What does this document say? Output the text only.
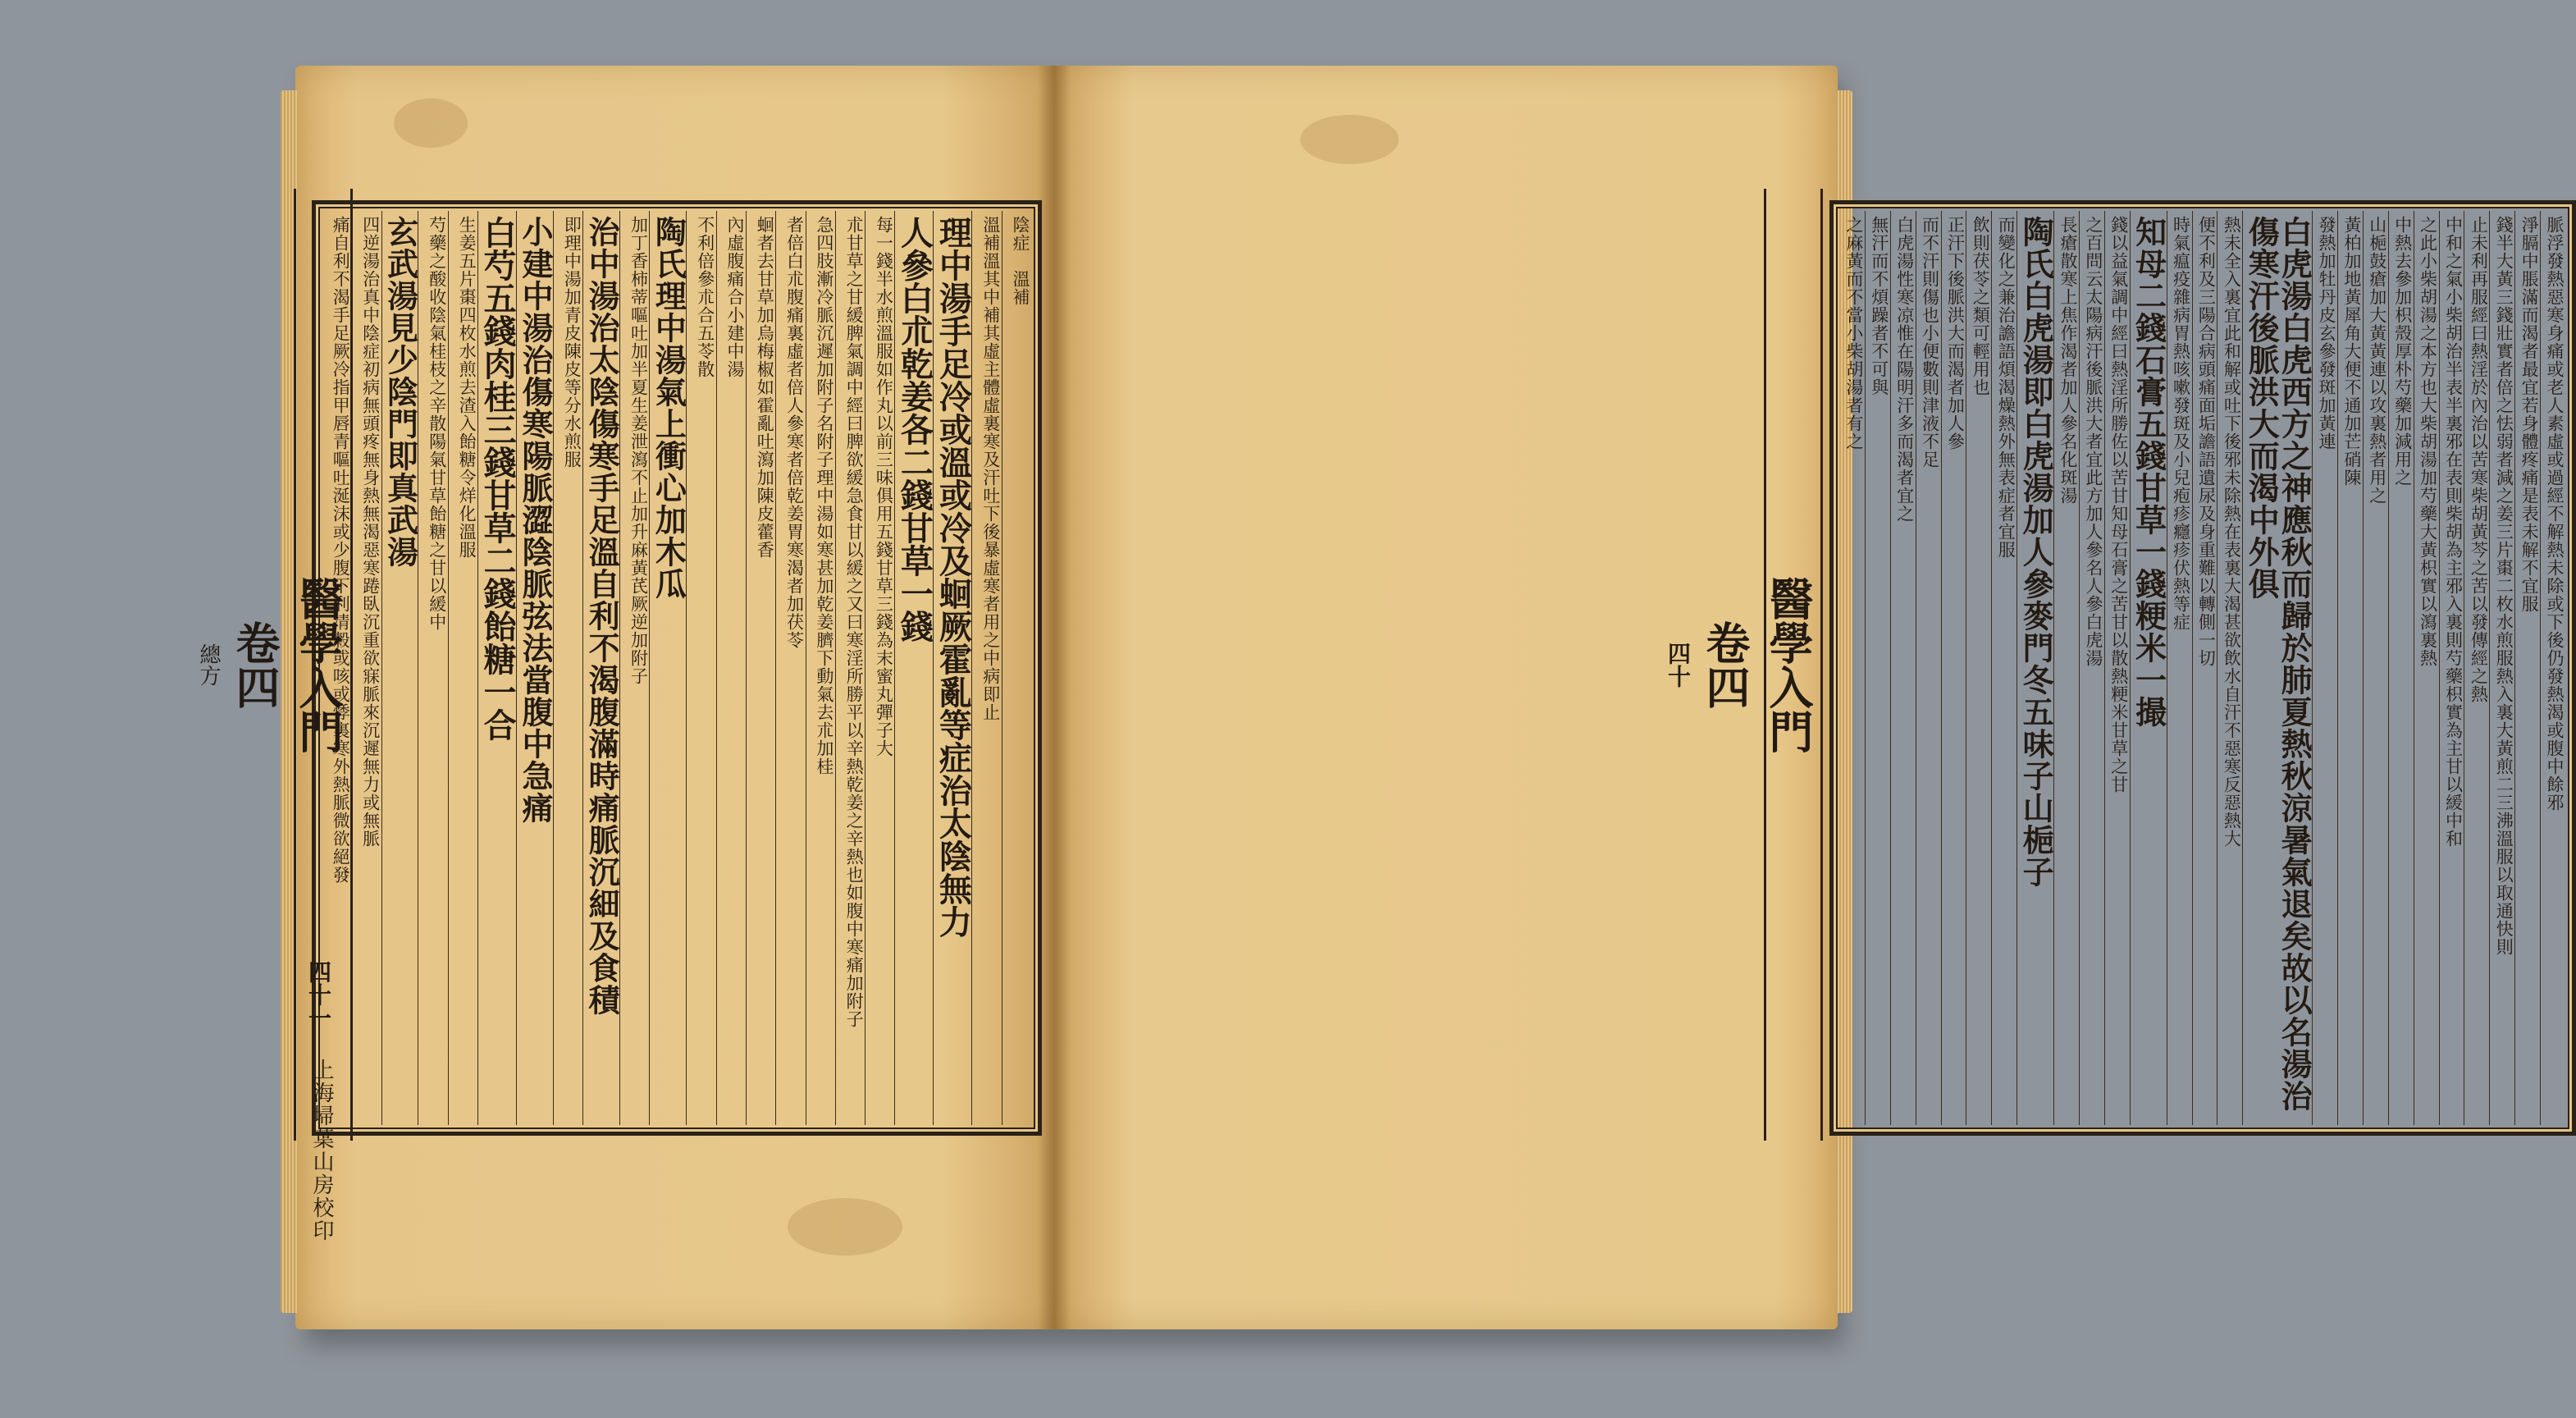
陰症　溫補
溫補溫其中補其虛主體虛裏寒及汗吐下後暴虛寒者用之中病即止
理中湯手足冷或溫或冷及蛔厥霍亂等症治太陰無力
人參白朮乾姜各二錢甘草一錢
每一錢半水煎溫服如作丸以前三味俱用五錢甘草三錢為末蜜丸彈子大
朮甘草之甘緩脾氣調中經曰脾欲緩急食甘以緩之又曰寒淫所勝平以辛熱乾姜之辛熱也如腹中寒痛加附子
急四肢漸冷脈沉遲加附子名附子理中湯如寒甚加乾姜臍下動氣去朮加桂
者倍白朮腹痛裏虛者倍人參寒者倍乾姜胃寒渴者加茯苓
蛔者去甘草加烏梅椒如霍亂吐瀉加陳皮藿香
內虛腹痛合小建中湯
不利倍參朮合五苓散
陶氏理中湯氣上衝心加木瓜
加丁香柿蒂嘔吐加半夏生姜泄瀉不止加升麻黃芪厥逆加附子
治中湯治太陰傷寒手足溫自利不渴腹滿時痛脈沉細及食積
即理中湯加青皮陳皮等分水煎服
小建中湯治傷寒陽脈澀陰脈弦法當腹中急痛
白芍五錢肉桂三錢甘草二錢飴糖一合
生姜五片棗四枚水煎去渣入飴糖令烊化溫服
芍藥之酸收陰氣桂枝之辛散陽氣甘草飴糖之甘以緩中
玄武湯見少陰門即真武湯
四逆湯治真中陰症初病無頭疼無身熱無渴惡寒踡臥沉重欲寐脈來沉遲無力或無脈
痛自利不渴手足厥冷指甲唇青嘔吐涎沫或少腹下利清穀或咳或悸裏寒外熱脈微欲絕發
醫學入門
卷四
總方
四十一
上海埽葉山房校印
脈浮發熱惡寒身痛或老人素虛或過經不解熱未除或下後仍發熱渴或腹中餘邪
淨膈中脹滿而渴者最宜若身體疼痛是表未解不宜服
錢半大黃三錢壯實者倍之怯弱者減之姜三片棗二枚水煎服熱入裏大黃煎二三沸溫服以取通快則
止未利再服經曰熱淫於內治以苦寒柴胡黃芩之苦以發傳經之熱
中和之氣小柴胡治半表半裏邪在表則柴胡為主邪入裏則芍藥枳實為主甘以緩中和
之此小柴胡湯之本方也大柴胡湯加芍藥大黃枳實以瀉裏熱
中熱去參加枳殼厚朴芍藥加減用之
山梔鼓瘡加大黃黃連以攻裏熱者用之
黃柏加地黃犀角大便不通加芒硝陳
發熱加牡丹皮玄參發斑加黃連
白虎湯白虎西方之神應秋而歸於肺夏熱秋涼暑氣退矣故以名湯治傷寒汗後脈洪大而渴中外俱
熱未全入裏宜此和解或吐下後邪未除熱在表裏大渴甚欲飲水自汗不惡寒反惡熱大
便不利及三陽合病頭痛面垢譫語遺尿及身重難以轉側一切
時氣瘟疫雜病胃熱咳嗽發斑及小兒疱疹癮疹伏熱等症
知母二錢石膏五錢甘草一錢粳米一撮
錢以益氣調中經曰熱淫所勝佐以苦甘知母石膏之苦甘以散熱粳米甘草之甘
之百問云太陽病汗後脈洪大者宜此方加人參名人參白虎湯
長瘡散寒上焦作渴者加人參名化斑湯
陶氏白虎湯即白虎湯加人參麥門冬五味子山梔子
而變化之兼治譫語煩渴燥熱外無表症者宜服
飲則茯苓之類可輕用也
正汗下後脈洪大而渴者加人參
而不汗則傷也小便數則津液不足
白虎湯性寒凉惟在陽明汗多而渴者宜之
無汗而不煩躁者不可與
之麻黃而不當小柴胡湯者有之
醫學入門
卷四
四十
